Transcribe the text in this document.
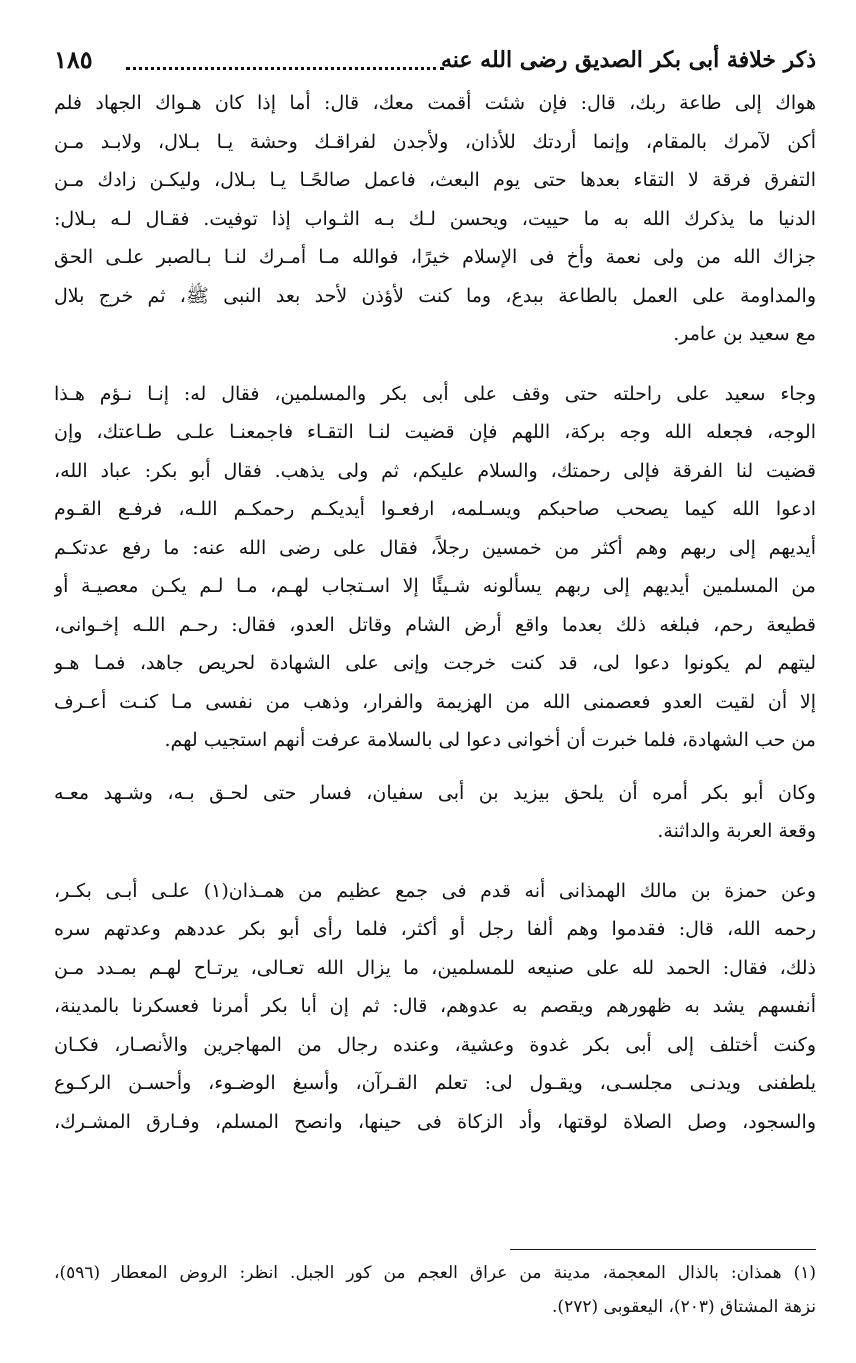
ذكر خلافة أبى بكر الصديق رضى الله عنه
١٨٥
هواك إلى طاعة ربك، قال: فإن شئت أقمت معك، قال: أما إذا كان هـواك الجهاد فلم
أكن لآمرك بالمقام، وإنما أردتك للأذان، ولأجدن لفراقـك وحشة يـا بـلال، ولابـد مـن
التفرق فرقة لا التقاء بعدها حتى يوم البعث، فاعمل صالحًـا يـا بـلال، وليكـن زادك مـن
الدنيا ما يذكرك الله به ما حييت، ويحسن لـك بـه الثـواب إذا توفيت. فقـال لـه بـلال:
جزاك الله من ولى نعمة وأخ فى الإسلام خيرًا، فوالله مـا أمـرك لنـا بـالصبر علـى الحق
والمداومة على العمل بالطاعة ببدع، وما كنت لأؤذن لأحد بعد النبى ﷺ، ثم خرج بلال
مع سعيد بن عامر.
وجاء سعيد على راحلته حتى وقف على أبى بكر والمسلمين، فقال له: إنـا نـؤم هـذا
الوجه، فجعله الله وجه بركة، اللهم فإن قضيت لنـا التقـاء فاجمعنـا علـى طـاعتك، وإن
قضيت لنا الفرقة فإلى رحمتك، والسلام عليكم، ثم ولى يذهب. فقال أبو بكر: عباد الله،
ادعوا الله كيما يصحب صاحبكم ويسـلمه، ارفعـوا أيديكـم رحمكـم اللـه، فرفـع القـوم
أيديهم إلى ربهم وهم أكثر من خمسين رجلاً، فقال على رضى الله عنه: ما رفع عدتكـم
من المسلمين أيديهم إلى ربهم يسألونه شـيئًا إلا اسـتجاب لهـم، مـا لـم يكـن معصيـة أو
قطيعة رحم، فبلغه ذلك بعدما واقع أرض الشام وقاتل العدو، فقال: رحـم اللـه إخـوانى،
ليتهم لم يكونوا دعوا لى، قد كنت خرجت وإنى على الشهادة لحريص جاهد، فمـا هـو
إلا أن لقيت العدو فعصمنى الله من الهزيمة والفرار، وذهب من نفسى مـا كنـت أعـرف
من حب الشهادة، فلما خبرت أن أخوانى دعوا لى بالسلامة عرفت أنهم استجيب لهم.
وكان أبو بكر أمره أن يلحق بيزيد بن أبى سفيان، فسار حتى لحـق بـه، وشـهد معـه
وقعة العربة والداثنة.
وعن حمزة بن مالك الهمذانى أنه قدم فى جمع عظيم من همـذان(١) علـى أبـى بكـر،
رحمه الله، قال: فقدموا وهم ألفا رجل أو أكثر، فلما رأى أبو بكر عددهم وعدتهم سره
ذلك، فقال: الحمد لله على صنيعه للمسلمين، ما يزال الله تعـالى، يرتـاح لهـم بمـدد مـن
أنفسهم يشد به ظهورهم ويقصم به عدوهم، قال: ثم إن أبا بكر أمرنا فعسكرنا بالمدينة،
وكنت أختلف إلى أبى بكر غدوة وعشية، وعنده رجال من المهاجرين والأنصـار، فكـان
يلطفنى ويدنـى مجلسـى، ويقـول لى: تعلم القـرآن، وأسبغ الوضـوء، وأحسـن الركـوع
والسجود، وصل الصلاة لوقتها، وأد الزكاة فى حينها، وانصح المسلم، وفـارق المشـرك،
(١) همذان: بالذال المعجمة، مدينة من عراق العجم من كور الجبل. انظر: الروض المعطار (٥٩٦)،
نزهة المشتاق (٢٠٣)، اليعقوبى (٢٧٢).
